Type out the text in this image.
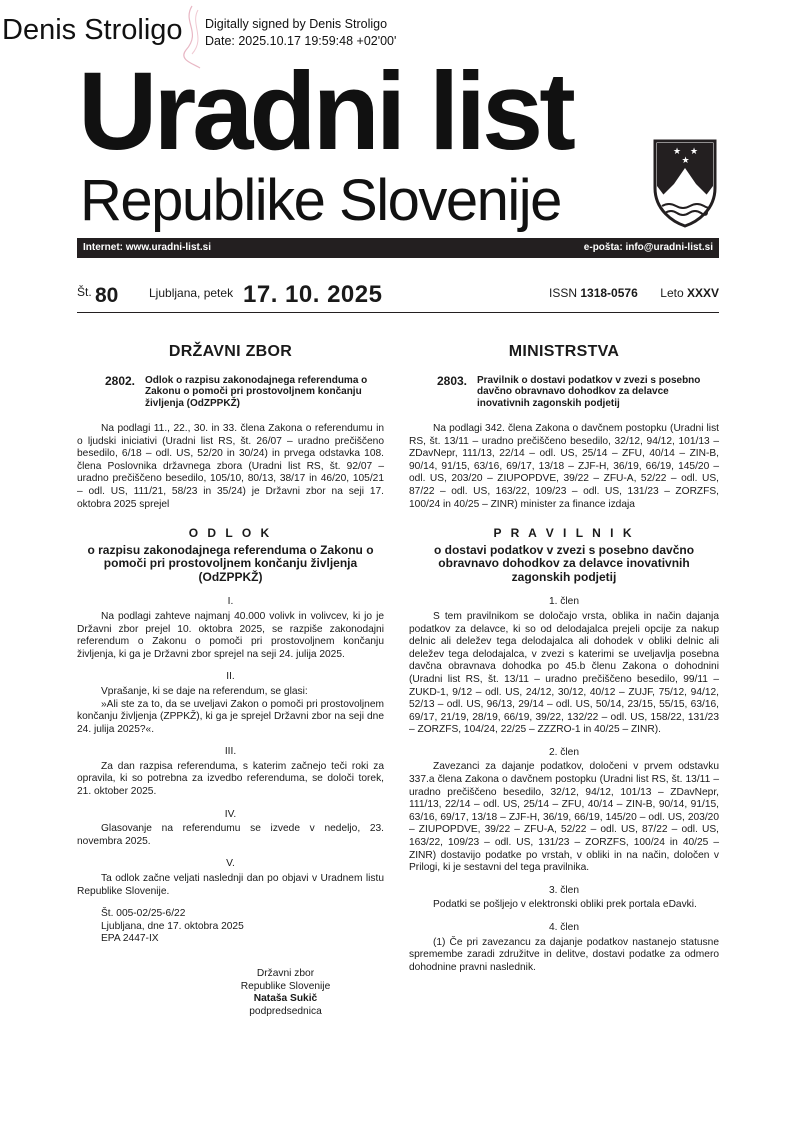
Denis Stroligo Digitally signed by Denis Stroligo
Date: 2025.10.17 19:59:48 +02'00'
Uradni list
Republike Slovenije
★ ★
★
Internet: www.uradni-list.si	e-pošta: info@uradni-list.si
Št. 80	Ljubljana, petek 17. 10. 2025	ISSN 1318-0576 Leto XXXV
DRŽAVNI ZBOR
2802.	Odlok o razpisu zakonodajnega referenduma o Zakonu o pomoči pri prostovoljnem končanju življenja (OdZPPKŽ)

Na podlagi 11., 22., 30. in 33. člena Zakona o referendumu in o ljudski iniciativi (Uradni list RS, št. 26/07 – uradno prečiščeno besedilo, 6/18 – odl. US, 52/20 in 30/24) in prvega odstavka 108. člena Poslovnika državnega zbora (Uradni list RS, št. 92/07 – uradno prečiščeno besedilo, 105/10, 80/13, 38/17 in 46/20, 105/21 – odl. US, 111/21, 58/23 in 35/24) je Državni zbor na seji 17. oktobra 2025 sprejel

O D L O K
o razpisu zakonodajnega referenduma o Zakonu o pomoči pri prostovoljnem končanju življenja (OdZPPKŽ)
I.

Na podlagi zahteve najmanj 40.000 volivk in volivcev, ki jo je Državni zbor prejel 10. oktobra 2025, se razpiše zakonodajni referendum o Zakonu o pomoči pri prostovoljnem končanju življenja, ki ga je Državni zbor sprejel na seji 24. julija 2025.

II.

Vprašanje, ki se daje na referendum, se glasi:

»Ali ste za to, da se uveljavi Zakon o pomoči pri prostovoljnem končanju življenja (ZPPKŽ), ki ga je sprejel Državni zbor na seji dne 24. julija 2025?«.

III.

Za dan razpisa referenduma, s katerim začnejo teči roki za opravila, ki so potrebna za izvedbo referenduma, se določi torek, 21. oktober 2025.

IV.

Glasovanje na referendumu se izvede v nedeljo, 23. novembra 2025.

V.

Ta odlok začne veljati naslednji dan po objavi v Uradnem listu Republike Slovenije.

Št. 005-02/25-6/22
Ljubljana, dne 17. oktobra 2025
EPA 2447-IX
Državni zbor
Republike Slovenije
Nataša Sukič
podpredsednica
MINISTRSTVA
2803.	Pravilnik o dostavi podatkov v zvezi s posebno davčno obravnavo dohodkov za delavce inovativnih zagonskih podjetij

Na podlagi 342. člena Zakona o davčnem postopku (Uradni list RS, št. 13/11 – uradno prečiščeno besedilo, 32/12, 94/12, 101/13 – ZDavNepr, 111/13, 22/14 – odl. US, 25/14 – ZFU, 40/14 – ZIN-B, 90/14, 91/15, 63/16, 69/17, 13/18 – ZJF-H, 36/19, 66/19, 145/20 – odl. US, 203/20 – ZIUPOPDVE, 39/22 – ZFU-A, 52/22 – odl. US, 87/22 – odl. US, 163/22, 109/23 – odl. US, 131/23 – ZORZFS, 100/24 in 40/25 – ZINR) minister za finance izdaja

P R A V I L N I K
o dostavi podatkov v zvezi s posebno davčno obravnavo dohodkov za delavce inovativnih zagonskih podjetij
1. člen

S tem pravilnikom se določajo vrsta, oblika in način dajanja podatkov za delavce, ki so od delodajalca prejeli opcije za nakup delnic ali deležev tega delodajalca ali dohodek v obliki delnic ali deležev tega delodajalca, v zvezi s katerimi se uveljavlja posebna davčna obravnava dohodka po 45.b členu Zakona o dohodnini (Uradni list RS, št. 13/11 – uradno prečiščeno besedilo, 99/11 – ZUKD-1, 9/12 – odl. US, 24/12, 30/12, 40/12 – ZUJF, 75/12, 94/12, 52/13 – odl. US, 96/13, 29/14 – odl. US, 50/14, 23/15, 55/15, 63/16, 69/17, 21/19, 28/19, 66/19, 39/22, 132/22 – odl. US, 158/22, 131/23 – ZORZFS, 104/24, 22/25 – ZZZRO-1 in 40/25 – ZINR).

2. člen

Zavezanci za dajanje podatkov, določeni v prvem odstavku 337.a člena Zakona o davčnem postopku (Uradni list RS, št. 13/11 – uradno prečiščeno besedilo, 32/12, 94/12, 101/13 – ZDavNepr, 111/13, 22/14 – odl. US, 25/14 – ZFU, 40/14 – ZIN-B, 90/14, 91/15, 63/16, 69/17, 13/18 – ZJF-H, 36/19, 66/19, 145/20 – odl. US, 203/20 – ZIUPOPDVE, 39/22 – ZFU-A, 52/22 – odl. US, 87/22 – odl. US, 163/22, 109/23 – odl. US, 131/23 – ZORZFS, 100/24 in 40/25 – ZINR) dostavijo podatke po vrstah, v obliki in na način, določen v Prilogi, ki je sestavni del tega pravilnika.

3. člen

Podatki se pošljejo v elektronski obliki prek portala eDavki.

4. člen

(1) Če pri zavezancu za dajanje podatkov nastanejo statusne spremembe zaradi združitve in delitve, dostavi podatke za odmero dohodnine pravni naslednik.
